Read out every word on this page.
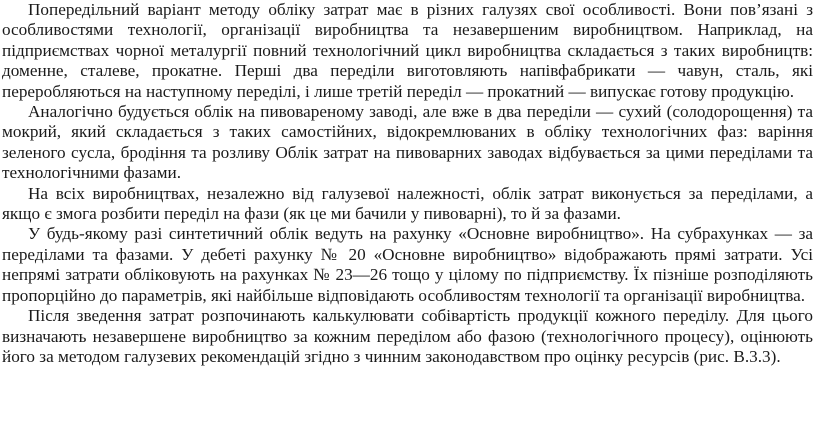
Попередільний варіант методу обліку затрат має в різних галузях свої особливості. Вони пов’язані з особливостями технології, організації виробництва та незавершеним виробництвом. Наприклад, на підприємствах чорної металургії повний технологічний цикл виробництва складається з таких виробництв: доменне, сталеве, прокатне. Перші два переділи виготовляють напівфабрикати — чавун, сталь, які переробляються на наступному переділі, і лише третій переділ — прокатний — випускає готову продукцію.

Аналогічно будується облік на пивовареному заводі, але вже в два переділи — сухий (солодорощення) та мокрий, який складається з таких самостійних, відокремлюваних в обліку технологічних фаз: варіння зеленого сусла, бродіння та розливу Облік затрат на пивоварних заводах відбувається за цими переділами та технологічними фазами.

На всіх виробництвах, незалежно від галузевої належності, облік затрат виконується за переділами, а якщо є змога розбити переділ на фази (як це ми бачили у пивоварні), то й за фазами.

У будь-якому разі синтетичний облік ведуть на рахунку «Основне виробництво». На субрахунках — за переділами та фазами. У дебеті рахунку № 20 «Основне виробництво» відображають прямі затрати. Усі непрямі затрати обліковують на рахунках № 23—26 тощо у цілому по підприємству. Їх пізніше розподіляють пропорційно до параметрів, які найбільше відповідають особливостям технології та організації виробництва.

Після зведення затрат розпочинають калькулювати собівартість продукції кожного переділу. Для цього визначають незавершене виробництво за кожним переділом або фазою (технологічного процесу), оцінюють його за методом галузевих рекомендацій згідно з чинним законодавством про оцінку ресурсів (рис. В.3.3).
